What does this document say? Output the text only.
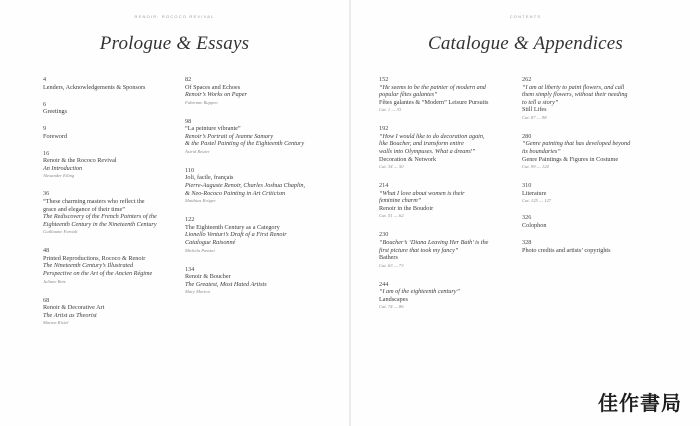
RENOIR: ROCOCO REVIVAL
Prologue & Essays
4
Lenders, Acknowledgements & Sponsors
6
Greetings
9
Foreword
16
Renoir & the Rococo Revival
An Introduction
Alexander Eiling
36
“These charming masters who reflect the
grace and elegance of their time”
The Rediscovery of the French Painters of the
Eighteenth Century in the Nineteenth Century
Guillaume Faroult
48
Printed Reproductions, Rococo & Renoir
The Nineteenth Century’s Illustrated
Perspective on the Art of the Ancien Régime
Juliane Betz
68
Renoir & Decorative Art
The Artist as Theorist
Marine Kisiel
82
Of Spaces and Echoes
Renoir’s Works on Paper
Fabienne Ruppen
98
“La peinture vibrante”
Renoir’s Portrait of Jeanne Samary
& the Pastel Painting of the Eighteenth Century
Astrid Reuter
110
Joli, facile, français
Pierre-Auguste Renoir, Charles Joshua Chaplin,
& Neo-Rococo Painting in Art Criticism
Matthias Krüger
122
The Eighteenth Century as a Category
Lionello Venturi’s Draft of a First Renoir
Catalogue Raisonné
Michela Passini
134
Renoir & Boucher
The Greatest, Most Hated Artists
Mary Morton
CONTENTS
Catalogue & Appendices
152
“He seems to be the painter of modern and
popular fêtes galantes”
Fêtes galantes & “Modern” Leisure Pursuits
Cat. 1 — 33
192
“How I would like to do decoration again,
like Boucher, and transform entire
walls into Olympuses. What a dream!”
Decoration & Network
Cat. 34 — 50
214
“What I love about women is their
feminine charm”
Renoir in the Boudoir
Cat. 51 — 62
230
“Boucher’s ‘Diana Leaving Her Bath’ is the
first picture that took my fancy”
Bathers
Cat. 63 — 73
244
“I am of the eighteenth century”
Landscapes
Cat. 74 — 86
262
“I am at liberty to paint flowers, and call
them simply flowers, without their needing
to tell a story”
Still Lifes
Cat. 87 — 98
280
“Genre painting that has developed beyond
its boundaries”
Genre Paintings & Figures in Costume
Cat. 99 — 124
310
Literature
Cat. 125 — 127
326
Colophon
328
Photo credits and artists’ copyrights
佳作書局
